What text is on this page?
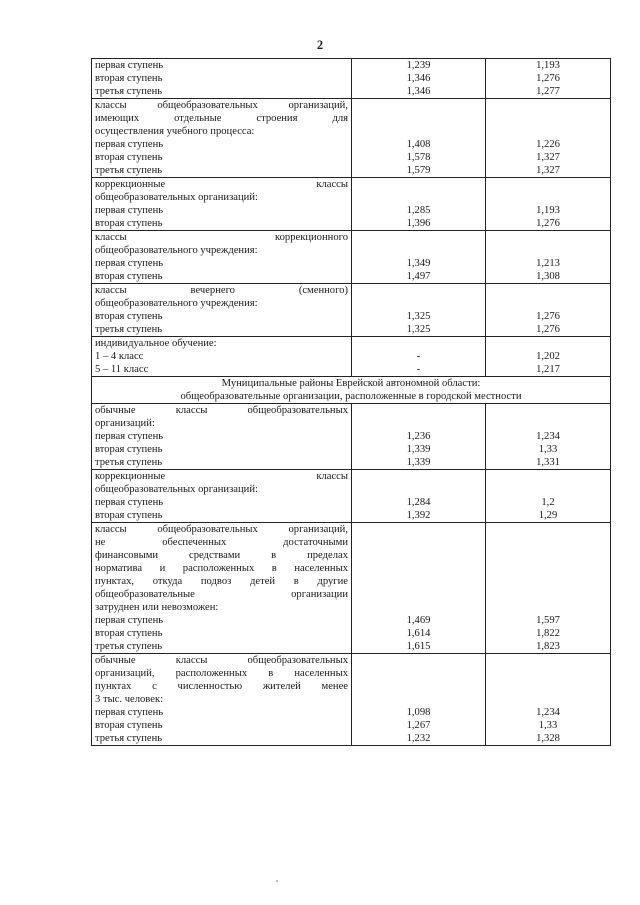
2
первая ступень	1,239	1,193
вторая ступень	1,346	1,276
третья ступень	1,346	1,277
классы общеобразовательных организаций,		
имеющих отдельные строения для		
осуществления учебного процесса:		
первая ступень	1,408	1,226
вторая ступень	1,578	1,327
третья ступень	1,579	1,327
коррекционные классы		
общеобразовательных организаций:		
первая ступень	1,285	1,193
вторая ступень	1,396	1,276
классы коррекционного		
общеобразовательного учреждения:		
первая ступень	1,349	1,213
вторая ступень	1,497	1,308
классы вечернего (сменного)		
общеобразовательного учреждения:		
вторая ступень	1,325	1,276
третья ступень	1,325	1,276
индивидуальное обучение:		
1 – 4 класс	-	1,202
5 – 11 класс	-	1,217
Муниципальные районы Еврейской автономной области:		
общеобразовательные организации, расположенные в городской местности		
обычные классы общеобразовательных		
организаций:		
первая ступень	1,236	1,234
вторая ступень	1,339	1,33
третья ступень	1,339	1,331
коррекционные классы		
общеобразовательных организаций:		
первая ступень	1,284	1,2
вторая ступень	1,392	1,29
классы общеобразовательных организаций,		
не обеспеченных достаточными		
финансовыми средствами в пределах		
норматива и расположенных в населенных		
пунктах, откуда подвоз детей в другие		
общеобразовательные организации		
затруднен или невозможен:		
первая ступень	1,469	1,597
вторая ступень	1,614	1,822
третья ступень	1,615	1,823
обычные классы общеобразовательных		
организаций, расположенных в населенных		
пунктах с численностью жителей менее		
3 тыс. человек:		
первая ступень	1,098	1,234
вторая ступень	1,267	1,33
третья ступень	1,232	1,328
